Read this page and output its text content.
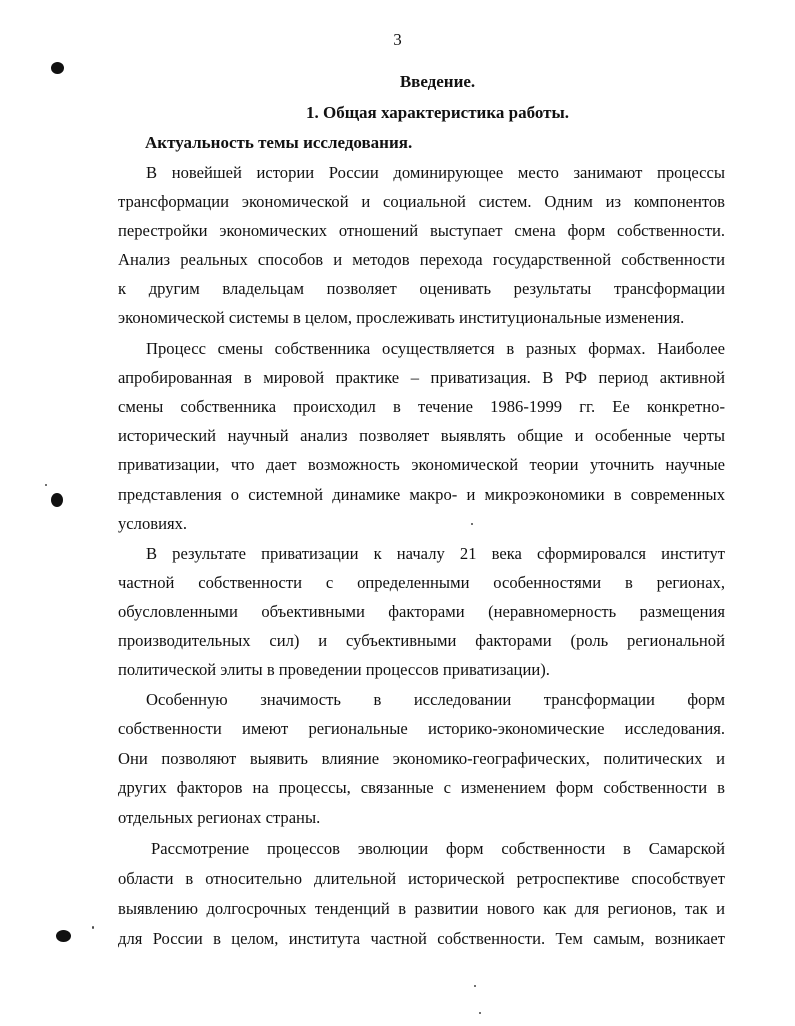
3
Введение.
1. Общая характеристика работы.
Актуальность темы исследования.
В новейшей истории России доминирующее место занимают процессы
трансформации экономической и социальной систем. Одним из компонентов
перестройки экономических отношений выступает смена форм собственности.
Анализ реальных способов и методов перехода государственной собственности
к другим владельцам позволяет оценивать результаты трансформации
экономической системы в целом, прослеживать институциональные изменения.
Процесс смены собственника осуществляется в разных формах. Наиболее
апробированная в мировой практике – приватизация. В РФ период активной
смены собственника происходил в течение 1986-1999 гг. Ее конкретно-
исторический научный анализ позволяет выявлять общие и особенные черты
приватизации, что дает возможность экономической теории уточнить научные
представления о системной динамике макро- и микроэкономики в современных
условиях.
В результате приватизации к началу 21 века сформировался институт
частной собственности с определенными особенностями в регионах,
обусловленными объективными факторами (неравномерность размещения
производительных сил) и субъективными факторами (роль региональной
политической элиты в проведении процессов приватизации).
Особенную значимость в исследовании трансформации форм
собственности имеют региональные историко-экономические исследования.
Они позволяют выявить влияние экономико-географических, политических и
других факторов на процессы, связанные с изменением форм собственности в
отдельных регионах страны.
Рассмотрение процессов эволюции форм собственности в Самарской
области в относительно длительной исторической ретроспективе способствует
выявлению долгосрочных тенденций в развитии нового как для регионов, так и
для России в целом, института частной собственности. Тем самым, возникает
